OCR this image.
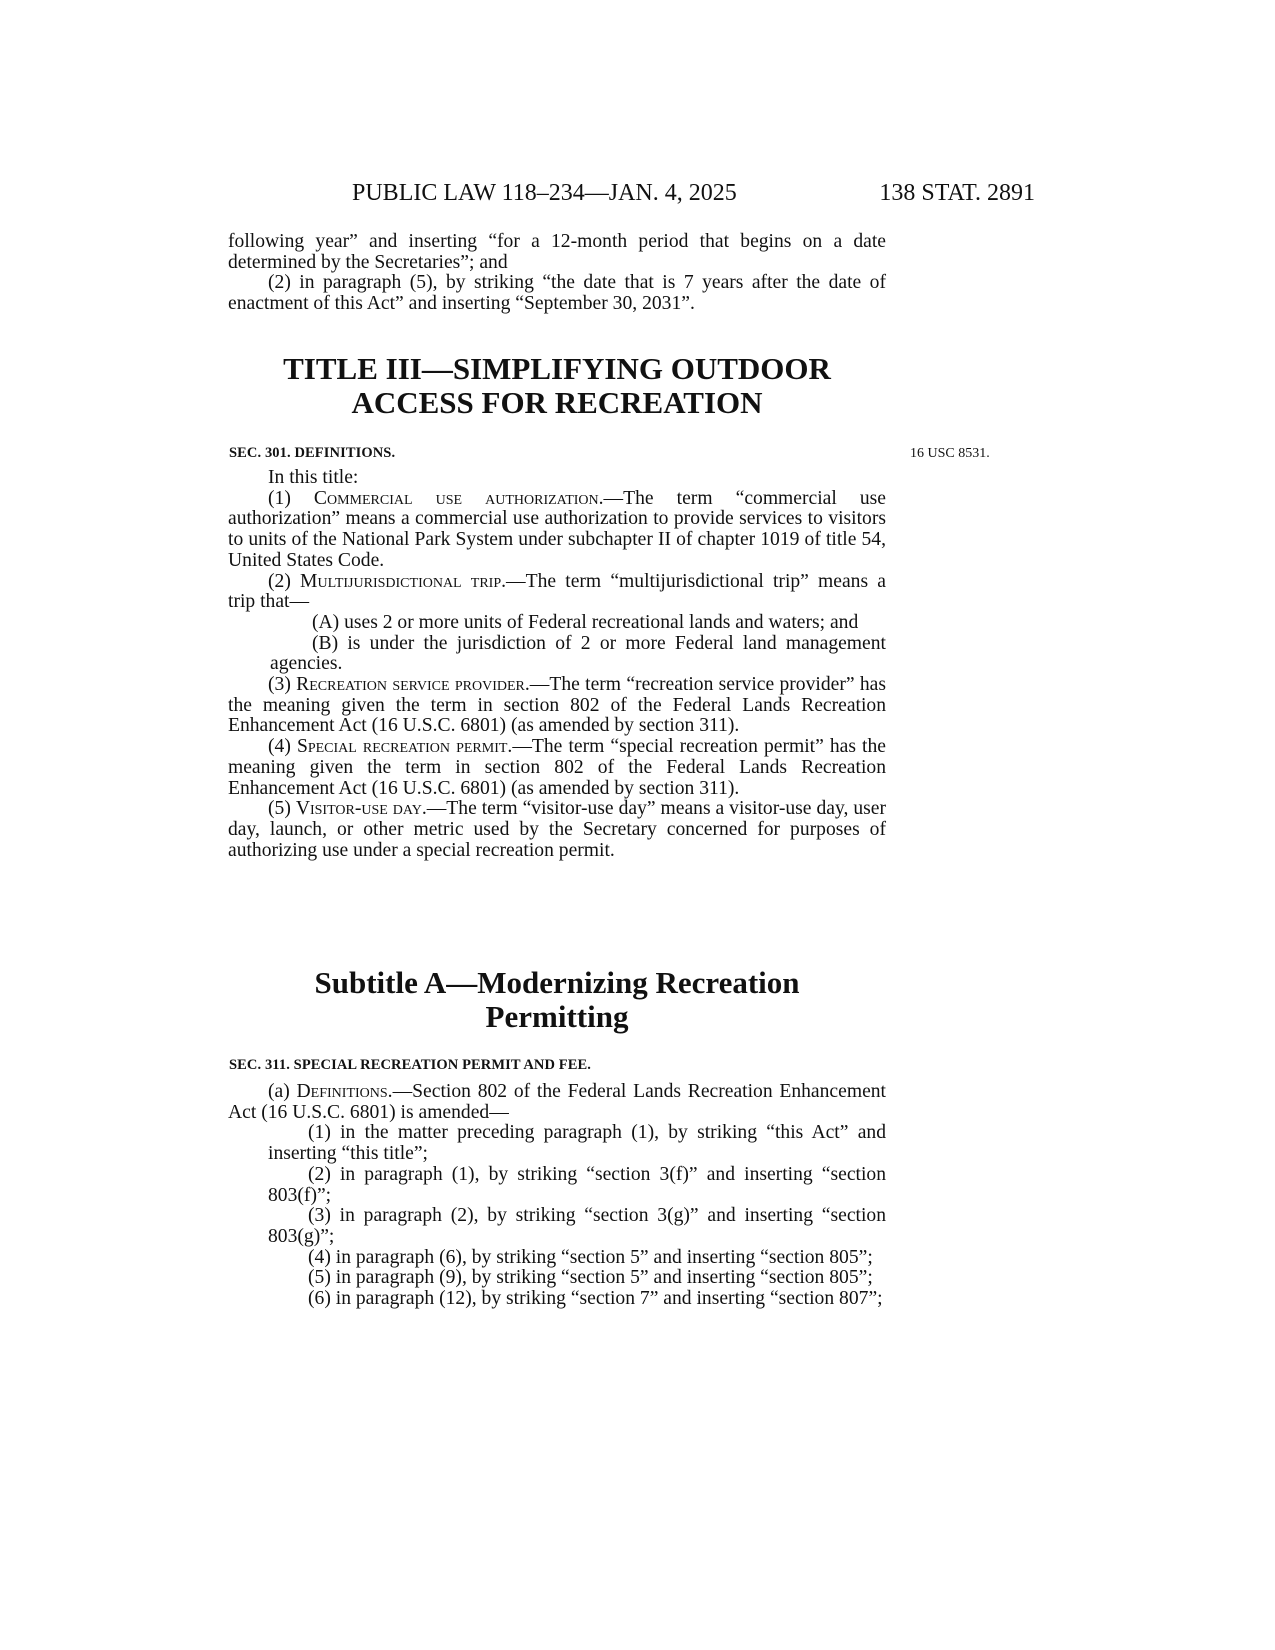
PUBLIC LAW 118–234—JAN. 4, 2025	138 STAT. 2891

following year” and inserting “for a 12-month period that begins on a date determined by the Secretaries”; and

(2) in paragraph (5), by striking “the date that is 7 years after the date of enactment of this Act” and inserting “September 30, 2031”.

TITLE III—SIMPLIFYING OUTDOOR
ACCESS FOR RECREATION
SEC. 301. DEFINITIONS.	16 USC 8531.

In this title:

(1) Commercial use authorization.—The term “commercial use authorization” means a commercial use authorization to provide services to visitors to units of the National Park System under subchapter II of chapter 1019 of title 54, United States Code.

(2) Multijurisdictional trip.—The term “multijurisdictional trip” means a trip that—

(A) uses 2 or more units of Federal recreational lands and waters; and

(B) is under the jurisdiction of 2 or more Federal land management agencies.

(3) Recreation service provider.—The term “recreation service provider” has the meaning given the term in section 802 of the Federal Lands Recreation Enhancement Act (16 U.S.C. 6801) (as amended by section 311).

(4) Special recreation permit.—The term “special recreation permit” has the meaning given the term in section 802 of the Federal Lands Recreation Enhancement Act (16 U.S.C. 6801) (as amended by section 311).

(5) Visitor-use day.—The term “visitor-use day” means a visitor-use day, user day, launch, or other metric used by the Secretary concerned for purposes of authorizing use under a special recreation permit.

Subtitle A—Modernizing Recreation
Permitting
SEC. 311. SPECIAL RECREATION PERMIT AND FEE.

(a) Definitions.—Section 802 of the Federal Lands Recreation Enhancement Act (16 U.S.C. 6801) is amended—

(1) in the matter preceding paragraph (1), by striking “this Act” and inserting “this title”;

(2) in paragraph (1), by striking “section 3(f)” and inserting “section 803(f)”;

(3) in paragraph (2), by striking “section 3(g)” and inserting “section 803(g)”;

(4) in paragraph (6), by striking “section 5” and inserting “section 805”;

(5) in paragraph (9), by striking “section 5” and inserting “section 805”;

(6) in paragraph (12), by striking “section 7” and inserting “section 807”;
